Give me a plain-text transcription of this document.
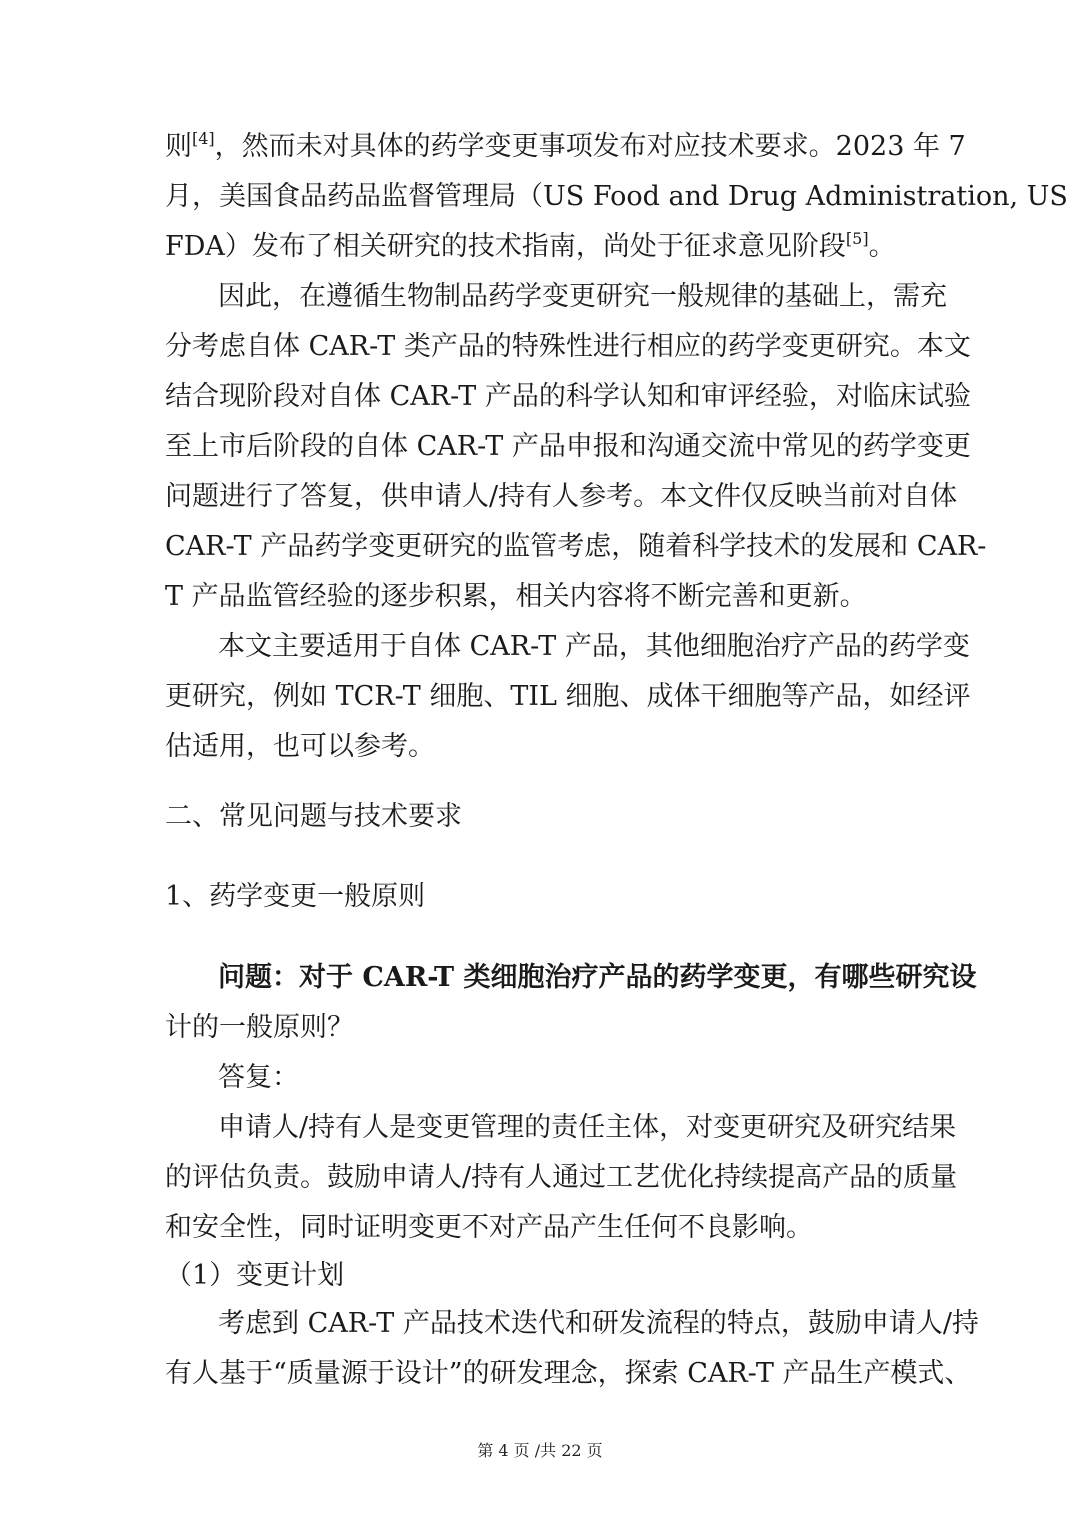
则[4]，然而未对具体的药学变更事项发布对应技术要求。2023 年 7
月，美国食品药品监督管理局（US Food and Drug Administration, US
FDA）发布了相关研究的技术指南，尚处于征求意见阶段[5]。
因此，在遵循生物制品药学变更研究一般规律的基础上，需充
分考虑自体 CAR-T 类产品的特殊性进行相应的药学变更研究。本文
结合现阶段对自体 CAR-T 产品的科学认知和审评经验，对临床试验
至上市后阶段的自体 CAR-T 产品申报和沟通交流中常见的药学变更
问题进行了答复，供申请人/持有人参考。本文件仅反映当前对自体
CAR-T 产品药学变更研究的监管考虑，随着科学技术的发展和 CAR-
T 产品监管经验的逐步积累，相关内容将不断完善和更新。
本文主要适用于自体 CAR-T 产品，其他细胞治疗产品的药学变
更研究，例如 TCR-T 细胞、TIL 细胞、成体干细胞等产品，如经评
估适用，也可以参考。
二、常见问题与技术要求
1、药学变更一般原则
问题：对于 CAR-T 类细胞治疗产品的药学变更，有哪些研究设
计的一般原则？
答复：
申请人/持有人是变更管理的责任主体，对变更研究及研究结果
的评估负责。鼓励申请人/持有人通过工艺优化持续提高产品的质量
和安全性，同时证明变更不对产品产生任何不良影响。
（1）变更计划
考虑到 CAR-T 产品技术迭代和研发流程的特点，鼓励申请人/持
有人基于“质量源于设计”的研发理念，探索 CAR-T 产品生产模式、
第 4 页 /共 22 页
